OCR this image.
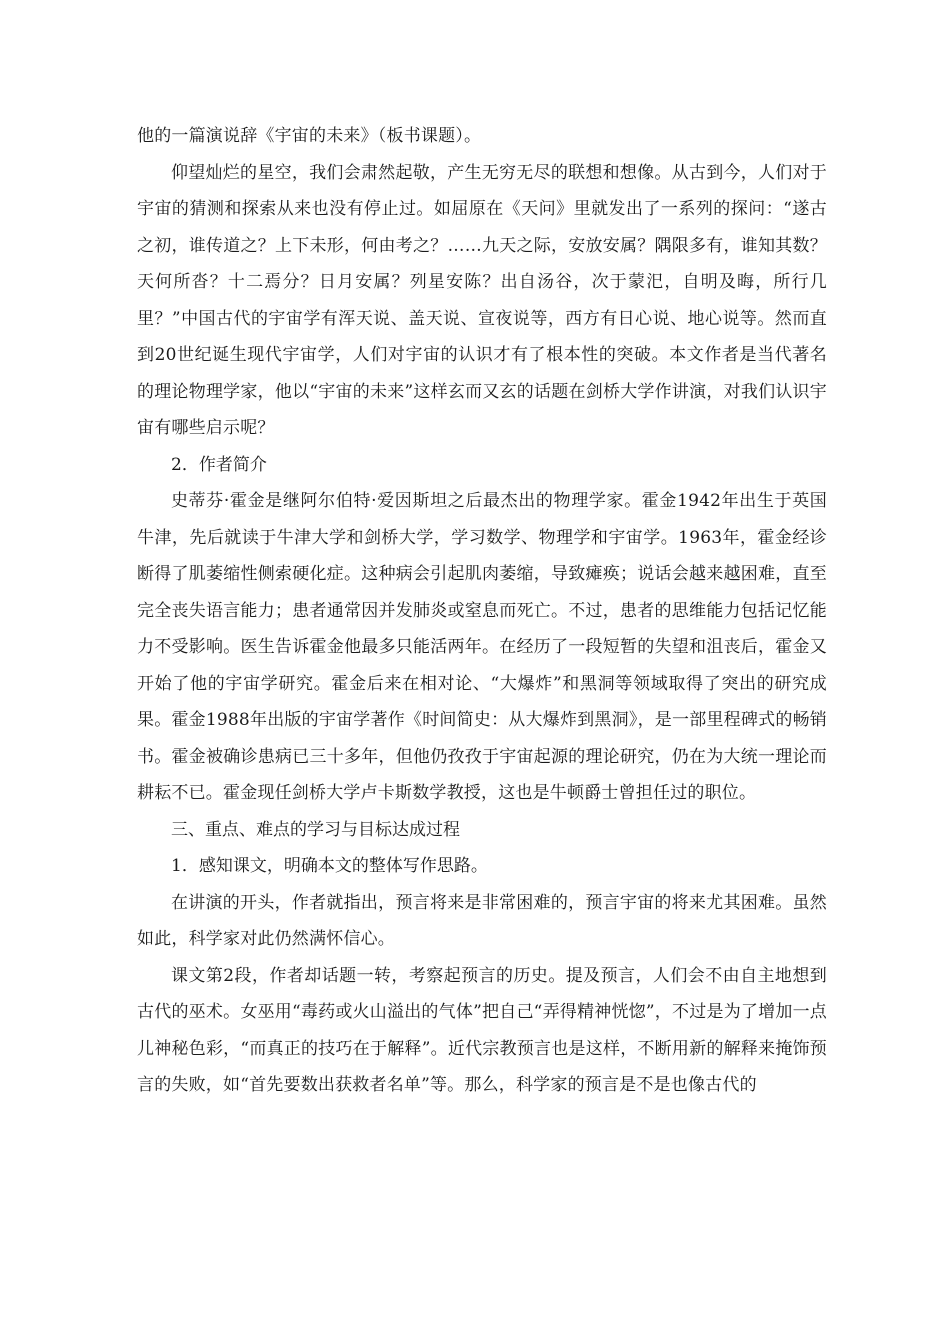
他的一篇演说辞《宇宙的未来》（板书课题）。

仰望灿烂的星空，我们会肃然起敬，产生无穷无尽的联想和想像。从古到今，人们对于宇宙的猜测和探索从来也没有停止过。如屈原在《天问》里就发出了一系列的探问：“遂古之初，谁传道之？上下未形，何由考之？……九天之际，安放安属？隅限多有，谁知其数？天何所沓？十二焉分？日月安属？列星安陈？出自汤谷，次于蒙汜，自明及晦，所行几里？”中国古代的宇宙学有浑天说、盖天说、宣夜说等，西方有日心说、地心说等。然而直到20世纪诞生现代宇宙学，人们对宇宙的认识才有了根本性的突破。本文作者是当代著名的理论物理学家，他以“宇宙的未来”这样玄而又玄的话题在剑桥大学作讲演，对我们认识宇宙有哪些启示呢？

2．作者简介

史蒂芬·霍金是继阿尔伯特·爱因斯坦之后最杰出的物理学家。霍金1942年出生于英国牛津，先后就读于牛津大学和剑桥大学，学习数学、物理学和宇宙学。1963年，霍金经诊断得了肌萎缩性侧索硬化症。这种病会引起肌肉萎缩，导致瘫痪；说话会越来越困难，直至完全丧失语言能力；患者通常因并发肺炎或窒息而死亡。不过，患者的思维能力包括记忆能力不受影响。医生告诉霍金他最多只能活两年。在经历了一段短暂的失望和沮丧后，霍金又开始了他的宇宙学研究。霍金后来在相对论、“大爆炸”和黑洞等领域取得了突出的研究成果。霍金1988年出版的宇宙学著作《时间简史：从大爆炸到黑洞》，是一部里程碑式的畅销书。霍金被确诊患病已三十多年，但他仍孜孜于宇宙起源的理论研究，仍在为大统一理论而耕耘不已。霍金现任剑桥大学卢卡斯数学教授，这也是牛顿爵士曾担任过的职位。

三、重点、难点的学习与目标达成过程

1．感知课文，明确本文的整体写作思路。

在讲演的开头，作者就指出，预言将来是非常困难的，预言宇宙的将来尤其困难。虽然如此，科学家对此仍然满怀信心。

课文第2段，作者却话题一转，考察起预言的历史。提及预言，人们会不由自主地想到古代的巫术。女巫用“毒药或火山溢出的气体”把自己“弄得精神恍惚”，不过是为了增加一点儿神秘色彩，“而真正的技巧在于解释”。近代宗教预言也是这样，不断用新的解释来掩饰预言的失败，如“首先要数出获救者名单”等。那么，科学家的预言是不是也像古代的
